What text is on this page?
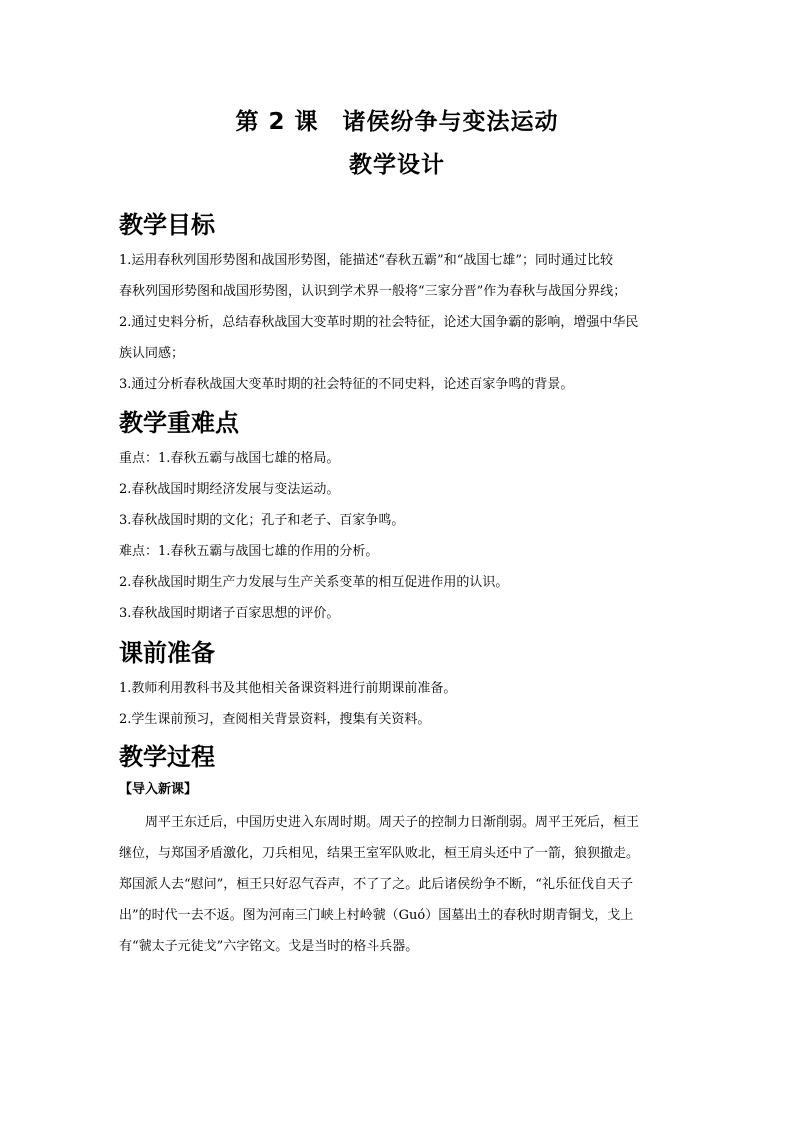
第 2 课　诸侯纷争与变法运动
教学设计
教学目标
1.运用春秋列国形势图和战国形势图，能描述“春秋五霸”和“战国七雄”；同时通过比较
春秋列国形势图和战国形势图，认识到学术界一般将“三家分晋”作为春秋与战国分界线；
2.通过史料分析，总结春秋战国大变革时期的社会特征，论述大国争霸的影响，增强中华民
族认同感；
3.通过分析春秋战国大变革时期的社会特征的不同史料，论述百家争鸣的背景。
教学重难点
重点：1.春秋五霸与战国七雄的格局。
2.春秋战国时期经济发展与变法运动。
3.春秋战国时期的文化；孔子和老子、百家争鸣。
难点：1.春秋五霸与战国七雄的作用的分析。
2.春秋战国时期生产力发展与生产关系变革的相互促进作用的认识。
3.春秋战国时期诸子百家思想的评价。
课前准备
1.教师利用教科书及其他相关备课资料进行前期课前准备。
2.学生课前预习，查阅相关背景资料，搜集有关资料。
教学过程
【导入新课】
　　周平王东迁后，中国历史进入东周时期。周天子的控制力日渐削弱。周平王死后，桓王
继位，与郑国矛盾激化，刀兵相见，结果王室军队败北，桓王肩头还中了一箭，狼狈撤走。
郑国派人去“慰问”，桓王只好忍气吞声，不了了之。此后诸侯纷争不断，“礼乐征伐自天子
出”的时代一去不返。图为河南三门峡上村岭虢（Guó）国墓出土的春秋时期青铜戈，戈上
有“虢太子元徒戈”六字铭文。戈是当时的格斗兵器。
